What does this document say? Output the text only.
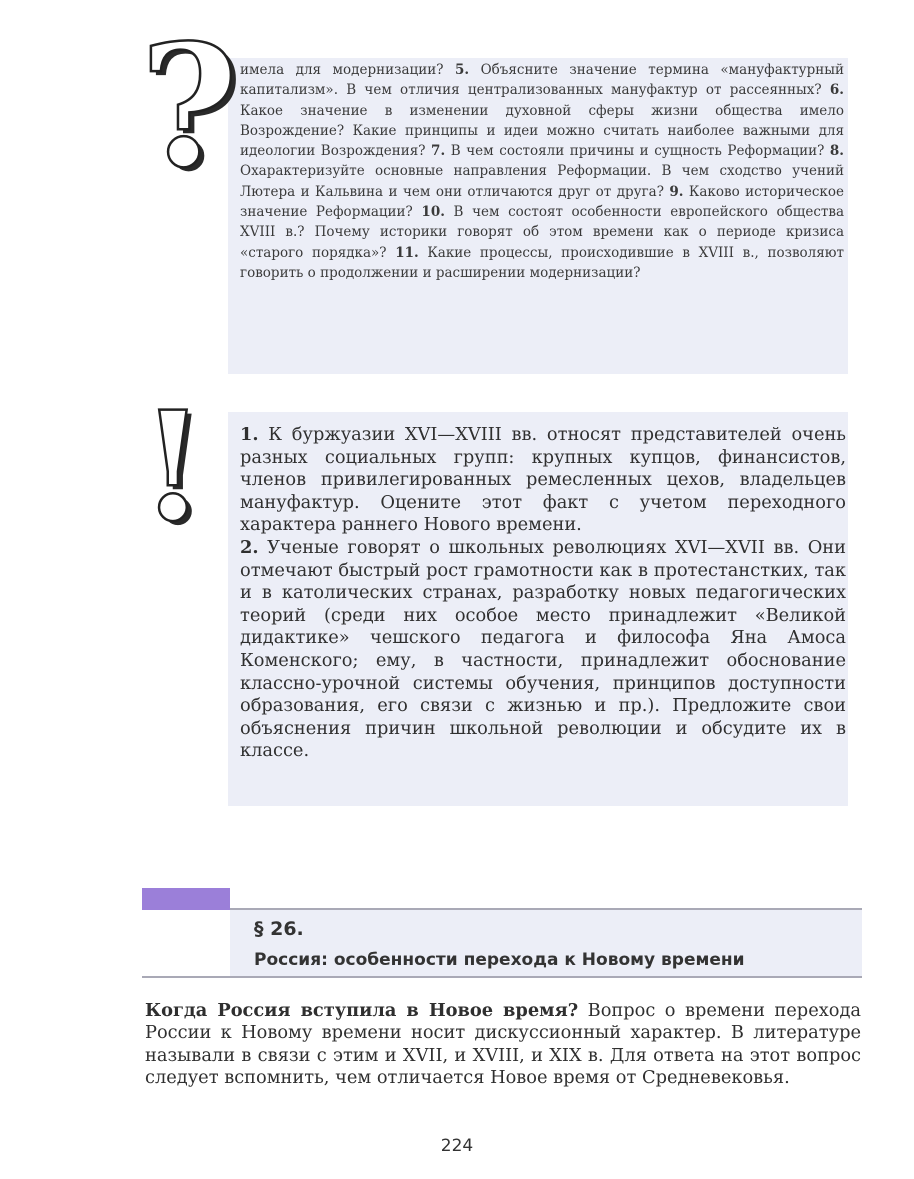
? имела для модернизации? 5. Объясните значение термина «мануфактурный капитализм». В чем отличия централизованных мануфактур от рассеянных? 6. Какое значение в изменении духовной сферы жизни общества имело Возрождение? Какие принципы и идеи можно считать наиболее важными для идеологии Возрождения? 7. В чем состояли причины и сущность Реформации? 8. Охарактеризуйте основные направления Реформации. В чем сходство учений Лютера и Кальвина и чем они отличаются друг от друга? 9. Каково историческое значение Реформации? 10. В чем состоят особенности европейского общества XVIII в.? Почему историки говорят об этом времени как о периоде кризиса «старого порядка»? 11. Какие процессы, происходившие в XVIII в., позволяют говорить о продолжении и расширении модернизации?
! 1. К буржуазии XVI—XVIII вв. относят представителей очень разных социальных групп: крупных купцов, финансистов, членов привилегированных ремесленных цехов, владельцев мануфактур. Оцените этот факт с учетом переходного характера раннего Нового времени.

2. Ученые говорят о школьных революциях XVI—XVII вв. Они отмечают быстрый рост грамотности как в протестанстких, так и в католических странах, разработку новых педагогических теорий (среди них особое место принадлежит «Великой дидактике» чешского педагога и философа Яна Амоса Коменского; ему, в частности, принадлежит обоснование классно-урочной системы обучения, принципов доступности образования, его связи с жизнью и пр.). Предложите свои объяснения причин школьной революции и обсудите их в классе.

§ 26.
Россия: особенности перехода к Новому времени
Когда Россия вступила в Новое время? Вопрос о времени перехода России к Новому времени носит дискуссионный характер. В литературе называли в связи с этим и XVII, и XVIII, и XIX в. Для ответа на этот вопрос следует вспомнить, чем отличается Новое время от Средневековья.
224
